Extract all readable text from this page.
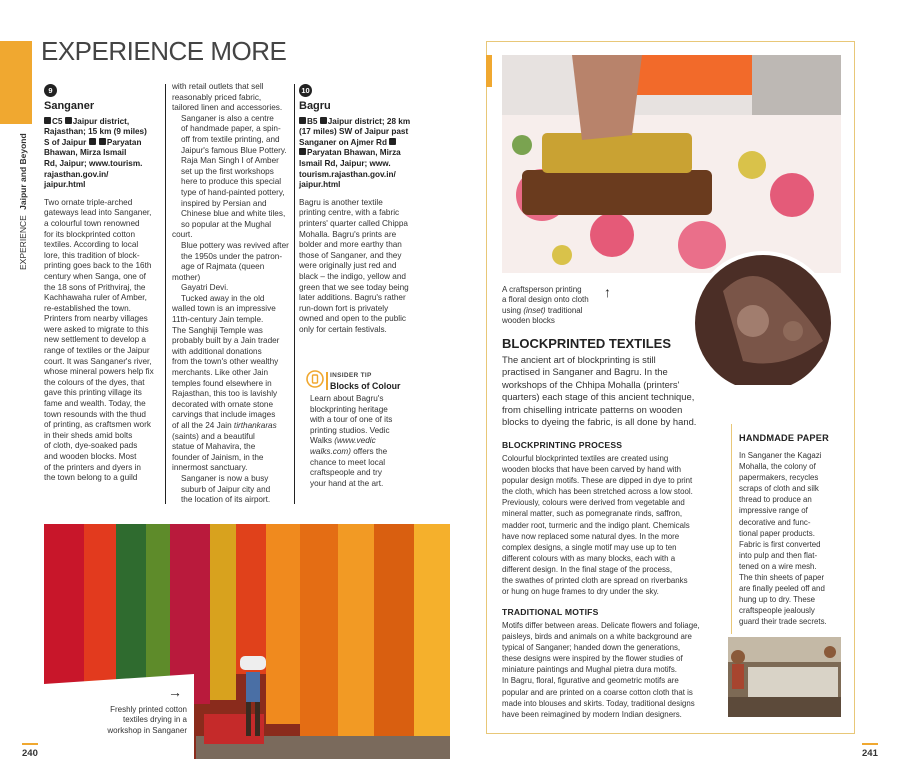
EXPERIENCE Jaipur and Beyond
EXPERIENCE MORE
9
Sanganer
C5 Jaipur district,
Rajasthan; 15 km (9 miles)
S of Jaipur	Paryatan
Bhawan, Mirza Ismail
Rd, Jaipur; www.tourism.
rajasthan.gov.in/
jaipur.html
Two ornate triple-arched
gateways lead into Sanganer,
a colourful town renowned
for its blockprinted cotton
textiles. According to local
lore, this tradition of block-
printing goes back to the 16th
century when Sanga, one of
the 18 sons of Prithviraj, the
Kachhawaha ruler of Amber,
re-established the town.
Printers from nearby villages
were asked to migrate to this
new settlement to develop a
range of textiles or the Jaipur
court. It was Sanganer's river,
whose mineral powers help fix
the colours of the dyes, that
gave this printing village its
fame and wealth. Today, the
town resounds with the thud
of printing, as craftsmen work
in their sheds amid bolts
of cloth, dye-soaked pads
and wooden blocks. Most
of the printers and dyers in
the town belong to a guild
with retail outlets that sell
reasonably priced fabric,
tailored linen and accessories.
Sanganer is also a centre
of handmade paper, a spin-
off from textile printing, and
Jaipur's famous Blue Pottery.
Raja Man Singh I of Amber
set up the first workshops
here to produce this special
type of hand-painted pottery,
inspired by Persian and
Chinese blue and white tiles,
so popular at the Mughal court.
Blue pottery was revived after
the 1950s under the patron-
age of Rajmata (queen mother)
Gayatri Devi.
Tucked away in the old
walled town is an impressive
11th-century Jain temple.
The Sanghiji Temple was
probably built by a Jain trader
with additional donations
from the town's other wealthy
merchants. Like other Jain
temples found elsewhere in
Rajasthan, this too is lavishly
decorated with ornate stone
carvings that include images
of all the 24 Jain tirthankaras
(saints) and a beautiful
statue of Mahavira, the
founder of Jainism, in the
innermost sanctuary.
Sanganer is now a busy
suburb of Jaipur city and
the location of its airport.
10
Bagru
B5 Jaipur district; 28 km
(17 miles) SW of Jaipur past
Sanganer on Ajmer Rd
Paryatan Bhawan, Mirza
Ismail Rd, Jaipur; www.
tourism.rajasthan.gov.in/
jaipur.html
Bagru is another textile
printing centre, with a fabric
printers' quarter called Chippa
Mohalla. Bagru's prints are
bolder and more earthy than
those of Sanganer, and they
were originally just red and
black – the indigo, yellow and
green that we see today being
later additions. Bagru's rather
run-down fort is privately
owned and open to the public
only for certain festivals.
INSIDER TIP
Blocks of Colour
Learn about Bagru's
blockprinting heritage
with a tour of one of its
printing studios. Vedic
Walks (www.vedic
walks.com) offers the
chance to meet local
craftspeople and try
your hand at the art.
→
Freshly printed cotton
textiles drying in a
workshop in Sanganer
240
↑
A craftsperson printing
a floral design onto cloth
using (inset) traditional
wooden blocks
BLOCKPRINTED TEXTILES
The ancient art of blockprinting is still
practised in Sanganer and Bagru. In the
workshops of the Chhipa Mohalla (printers'
quarters) each stage of this ancient technique,
from chiselling intricate patterns on wooden
blocks to dyeing the fabric, is all done by hand.
BLOCKPRINTING PROCESS
Colourful blockprinted textiles are created using
wooden blocks that have been carved by hand with
popular design motifs. These are dipped in dye to print
the cloth, which has been stretched across a low stool.
Previously, colours were derived from vegetable and
mineral matter, such as pomegranate rinds, saffron,
madder root, turmeric and the indigo plant. Chemicals
have now replaced some natural dyes. In the more
complex designs, a single motif may use up to ten
different colours with as many blocks, each with a
different design. In the final stage of the process,
the swathes of printed cloth are spread on riverbanks
or hung on huge frames to dry under the sky.
TRADITIONAL MOTIFS
Motifs differ between areas. Delicate flowers and foliage,
paisleys, birds and animals on a white background are
typical of Sanganer; handed down the generations,
these designs were inspired by the flower studies of
miniature paintings and Mughal pietra dura motifs.
In Bagru, floral, figurative and geometric motifs are
popular and are printed on a coarse cotton cloth that is
made into blouses and skirts. Today, traditional designs
have been reimagined by modern Indian designers.
HANDMADE PAPER
In Sanganer the Kagazi
Mohalla, the colony of
papermakers, recycles
scraps of cloth and silk
thread to produce an
impressive range of
decorative and func-
tional paper products.
Fabric is first converted
into pulp and then flat-
tened on a wire mesh.
The thin sheets of paper
are finally peeled off and
hung up to dry. These
craftspeople jealously
guard their trade secrets.
241
